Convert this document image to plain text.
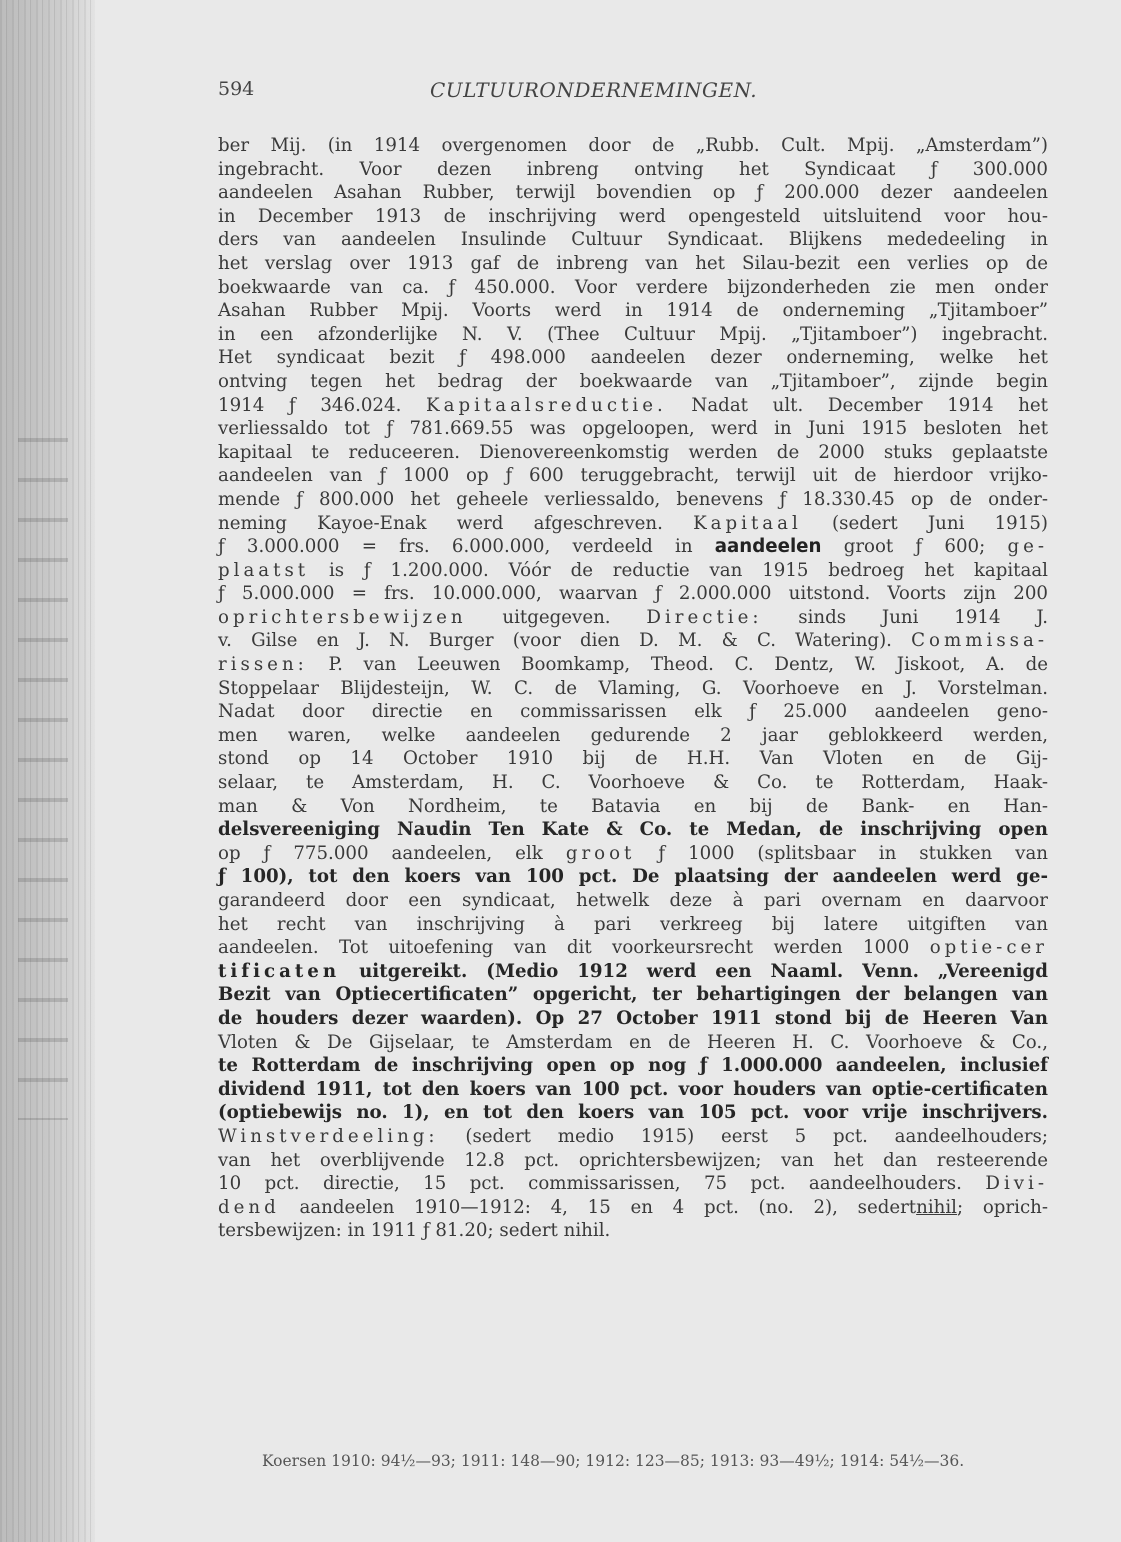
594	CULTUURONDERNEMINGEN.
ber Mij. (in 1914 overgenomen door de „Rubb. Cult. Mpij. „Amsterdam”)
ingebracht. Voor dezen inbreng ontving het Syndicaat ƒ 300.000
aandeelen Asahan Rubber, terwijl bovendien op ƒ 200.000 dezer aandeelen
in December 1913 de inschrijving werd opengesteld uitsluitend voor hou-
ders van aandeelen Insulinde Cultuur Syndicaat. Blijkens mededeeling in
het verslag over 1913 gaf de inbreng van het Silau-bezit een verlies op de
boekwaarde van ca. ƒ 450.000. Voor verdere bijzonderheden zie men onder
Asahan Rubber Mpij. Voorts werd in 1914 de onderneming „Tjitamboer”
in een afzonderlijke N. V. (Thee Cultuur Mpij. „Tjitamboer”) ingebracht.
Het syndicaat bezit ƒ 498.000 aandeelen dezer onderneming, welke het
ontving tegen het bedrag der boekwaarde van „Tjitamboer”, zijnde begin
1914 ƒ 346.024. Kapitaalsreductie. Nadat ult. December 1914 het
verliessaldo tot ƒ 781.669.55 was opgeloopen, werd in Juni 1915 besloten het
kapitaal te reduceeren. Dienovereenkomstig werden de 2000 stuks geplaatste
aandeelen van ƒ 1000 op ƒ 600 teruggebracht, terwijl uit de hierdoor vrijko-
mende ƒ 800.000 het geheele verliessaldo, benevens ƒ 18.330.45 op de onder-
neming Kayoe-Enak werd afgeschreven. Kapitaal (sedert Juni 1915)
ƒ 3.000.000 = frs. 6.000.000, verdeeld in aandeelen groot ƒ 600; ge-
plaatst is ƒ 1.200.000. Vóór de reductie van 1915 bedroeg het kapitaal
ƒ 5.000.000 = frs. 10.000.000, waarvan ƒ 2.000.000 uitstond. Voorts zijn 200
oprichtersbewijzen uitgegeven. Directie: sinds Juni 1914 J.
v. Gilse en J. N. Burger (voor dien D. M. & C. Watering). Commissa-
rissen: P. van Leeuwen Boomkamp, Theod. C. Dentz, W. Jiskoot, A. de
Stoppelaar Blijdesteijn, W. C. de Vlaming, G. Voorhoeve en J. Vorstelman.
Nadat door directie en commissarissen elk ƒ 25.000 aandeelen geno-
men waren, welke aandeelen gedurende 2 jaar geblokkeerd werden,
stond op 14 October 1910 bij de H.H. Van Vloten en de Gij-
selaar, te Amsterdam, H. C. Voorhoeve & Co. te Rotterdam, Haak-
man & Von Nordheim, te Batavia en bij de Bank- en Han-
delsvereeniging Naudin Ten Kate & Co. te Medan, de inschrijving open
op ƒ 775.000 aandeelen, elk groot ƒ 1000 (splitsbaar in stukken van
ƒ 100), tot den koers van 100 pct. De plaatsing der aandeelen werd ge-
garandeerd door een syndicaat, hetwelk deze à pari overnam en daarvoor
het recht van inschrijving à pari verkreeg bij latere uitgiften van
aandeelen. Tot uitoefening van dit voorkeursrecht werden 1000 optie-cer
tificaten uitgereikt. (Medio 1912 werd een Naaml. Venn. „Vereenigd
Bezit van Optiecertificaten” opgericht, ter behartigingen der belangen van
de houders dezer waarden). Op 27 October 1911 stond bij de Heeren Van
Vloten & De Gijselaar, te Amsterdam en de Heeren H. C. Voorhoeve & Co.,
te Rotterdam de inschrijving open op nog ƒ 1.000.000 aandeelen, inclusief
dividend 1911, tot den koers van 100 pct. voor houders van optie-certificaten
(optiebewijs no. 1), en tot den koers van 105 pct. voor vrije inschrijvers.
Winstverdeeling: (sedert medio 1915) eerst 5 pct. aandeelhouders;
van het overblijvende 12.8 pct. oprichtersbewijzen; van het dan resteerende
10 pct. directie, 15 pct. commissarissen, 75 pct. aandeelhouders. Divi-
dend aandeelen 1910—1912: 4, 15 en 4 pct. (no. 2), sedertnihil; oprich-
tersbewijzen: in 1911 ƒ 81.20; sedert nihil.
Koersen 1910: 94½—93; 1911: 148—90; 1912: 123—85; 1913: 93—49½; 1914: 54½—36.
